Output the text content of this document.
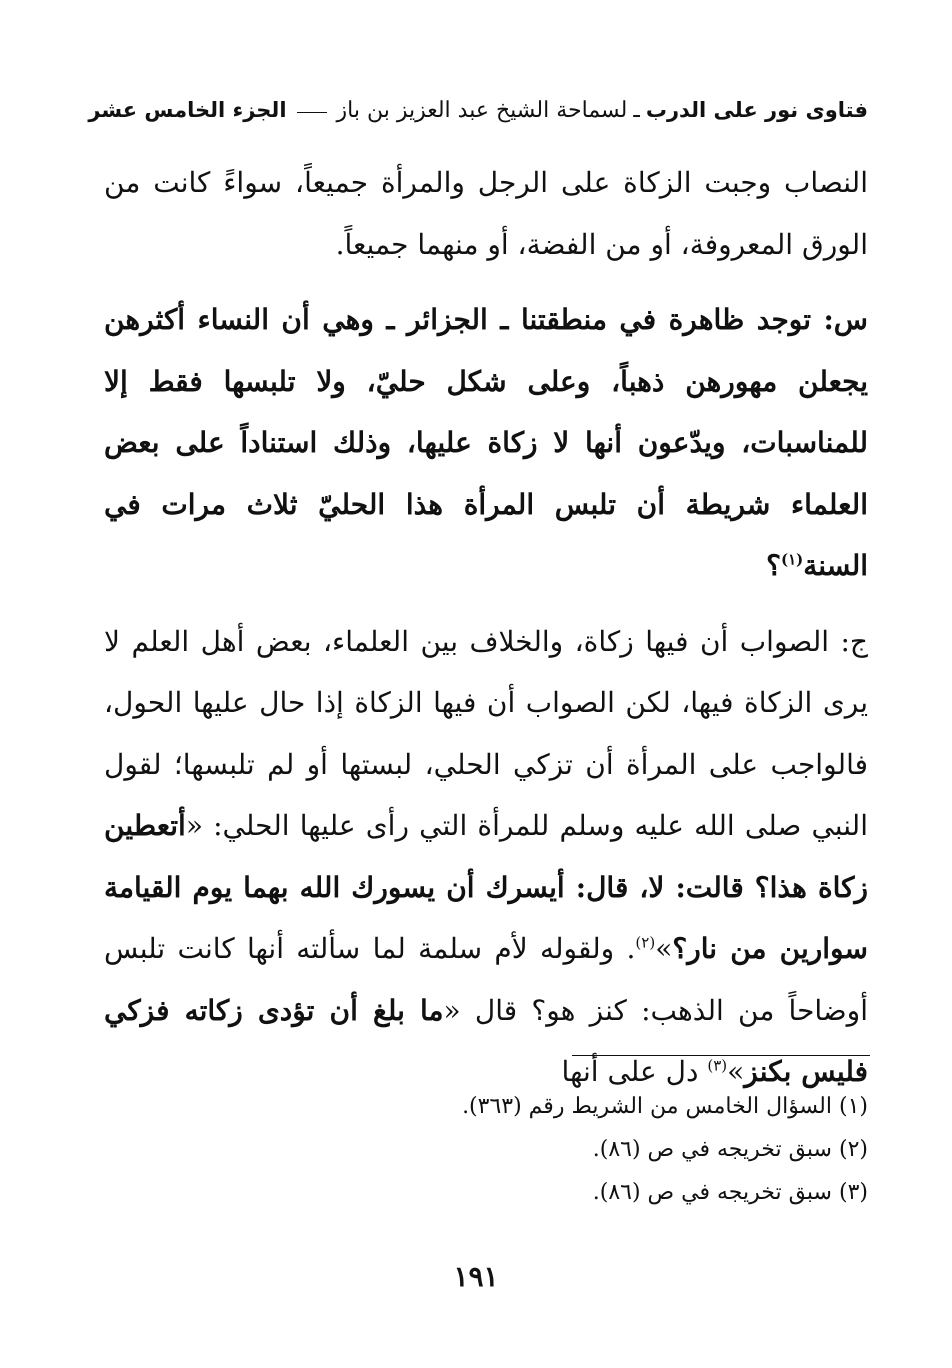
فتاوى نور على الدرب
ـ
لسماحة الشيخ عبد العزيز بن باز
الجزء الخامس عشر

النصاب وجبت الزكاة على الرجل والمرأة جميعاً، سواءً كانت من الورق المعروفة، أو من الفضة، أو منهما جميعاً.

س: توجد ظاهرة في منطقتنا ـ الجزائر ـ وهي أن النساء أكثرهن يجعلن مهورهن ذهباً، وعلى شكل حليّ، ولا تلبسها فقط إلا للمناسبات، ويدّعون أنها لا زكاة عليها، وذلك استناداً على بعض العلماء شريطة أن تلبس المرأة هذا الحليّ ثلاث مرات في السنة$^{(١)}$؟

ج: الصواب أن فيها زكاة، والخلاف بين العلماء، بعض أهل العلم لا يرى الزكاة فيها، لكن الصواب أن فيها الزكاة إذا حال عليها الحول، فالواجب على المرأة أن تزكي الحلي، لبستها أو لم تلبسها؛ لقول النبي صلى الله عليه وسلم للمرأة التي رأى عليها الحلي: «أتعطين زكاة هذا؟ قالت: لا، قال: أيسرك أن يسورك الله بهما يوم القيامة سوارين من نار؟»$^{(٢)}$. ولقوله لأم سلمة لما سألته أنها كانت تلبس أوضاحاً من الذهب: كنز هو؟ قال «ما بلغ أن تؤدى زكاته فزكي فليس بكنز»$^{(٣)}$ دل على أنها

(١) السؤال الخامس من الشريط رقم (٣٦٣).

(٢) سبق تخريجه في ص (٨٦).

(٣) سبق تخريجه في ص (٨٦).

١٩١
